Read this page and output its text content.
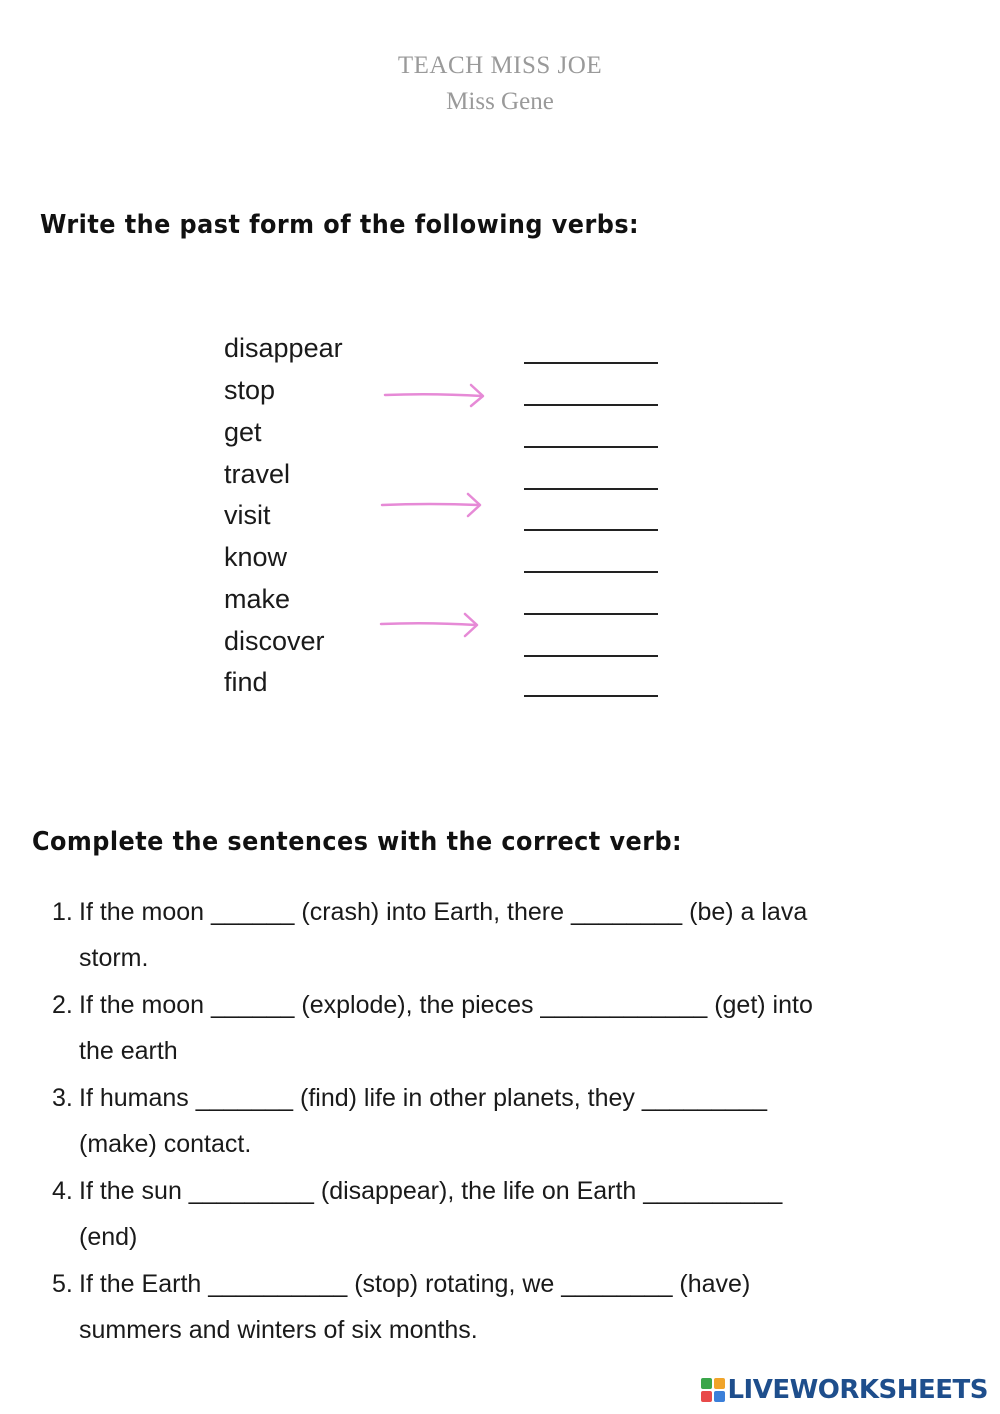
TEACH MISS JOE
Miss Gene
Write the past form of the following verbs:
disappear
stop
get
travel
visit
know
make
discover
find
Complete the sentences with the correct verb:
1. If the moon ______ (crash) into Earth, there ________ (be) a lava
storm.
2. If the moon ______ (explode), the pieces ____________ (get) into
the earth
3. If humans _______ (find) life in other planets, they _________
(make) contact.
4. If the sun _________ (disappear), the life on Earth __________
(end)
5. If the Earth __________ (stop) rotating, we ________ (have)
summers and winters of six months.
LIVEWORKSHEETS
